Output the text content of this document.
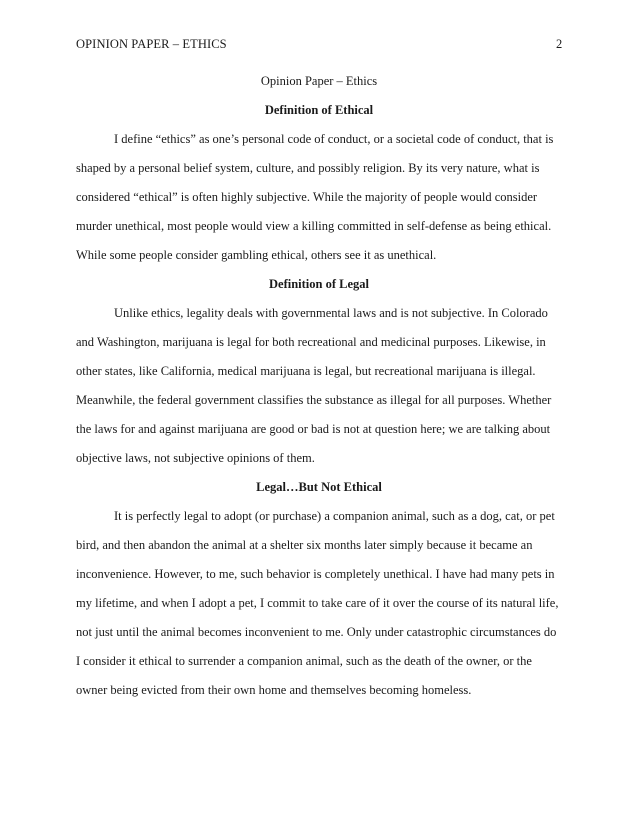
OPINION PAPER – ETHICS	2
Opinion Paper – Ethics
Definition of Ethical
I define “ethics” as one’s personal code of conduct, or a societal code of conduct, that is
shaped by a personal belief system, culture, and possibly religion. By its very nature, what is
considered “ethical” is often highly subjective. While the majority of people would consider
murder unethical, most people would view a killing committed in self-defense as being ethical.
While some people consider gambling ethical, others see it as unethical.
Definition of Legal
Unlike ethics, legality deals with governmental laws and is not subjective. In Colorado
and Washington, marijuana is legal for both recreational and medicinal purposes. Likewise, in
other states, like California, medical marijuana is legal, but recreational marijuana is illegal.
Meanwhile, the federal government classifies the substance as illegal for all purposes. Whether
the laws for and against marijuana are good or bad is not at question here; we are talking about
objective laws, not subjective opinions of them.
Legal…But Not Ethical
It is perfectly legal to adopt (or purchase) a companion animal, such as a dog, cat, or pet
bird, and then abandon the animal at a shelter six months later simply because it became an
inconvenience. However, to me, such behavior is completely unethical. I have had many pets in
my lifetime, and when I adopt a pet, I commit to take care of it over the course of its natural life,
not just until the animal becomes inconvenient to me. Only under catastrophic circumstances do
I consider it ethical to surrender a companion animal, such as the death of the owner, or the
owner being evicted from their own home and themselves becoming homeless.
